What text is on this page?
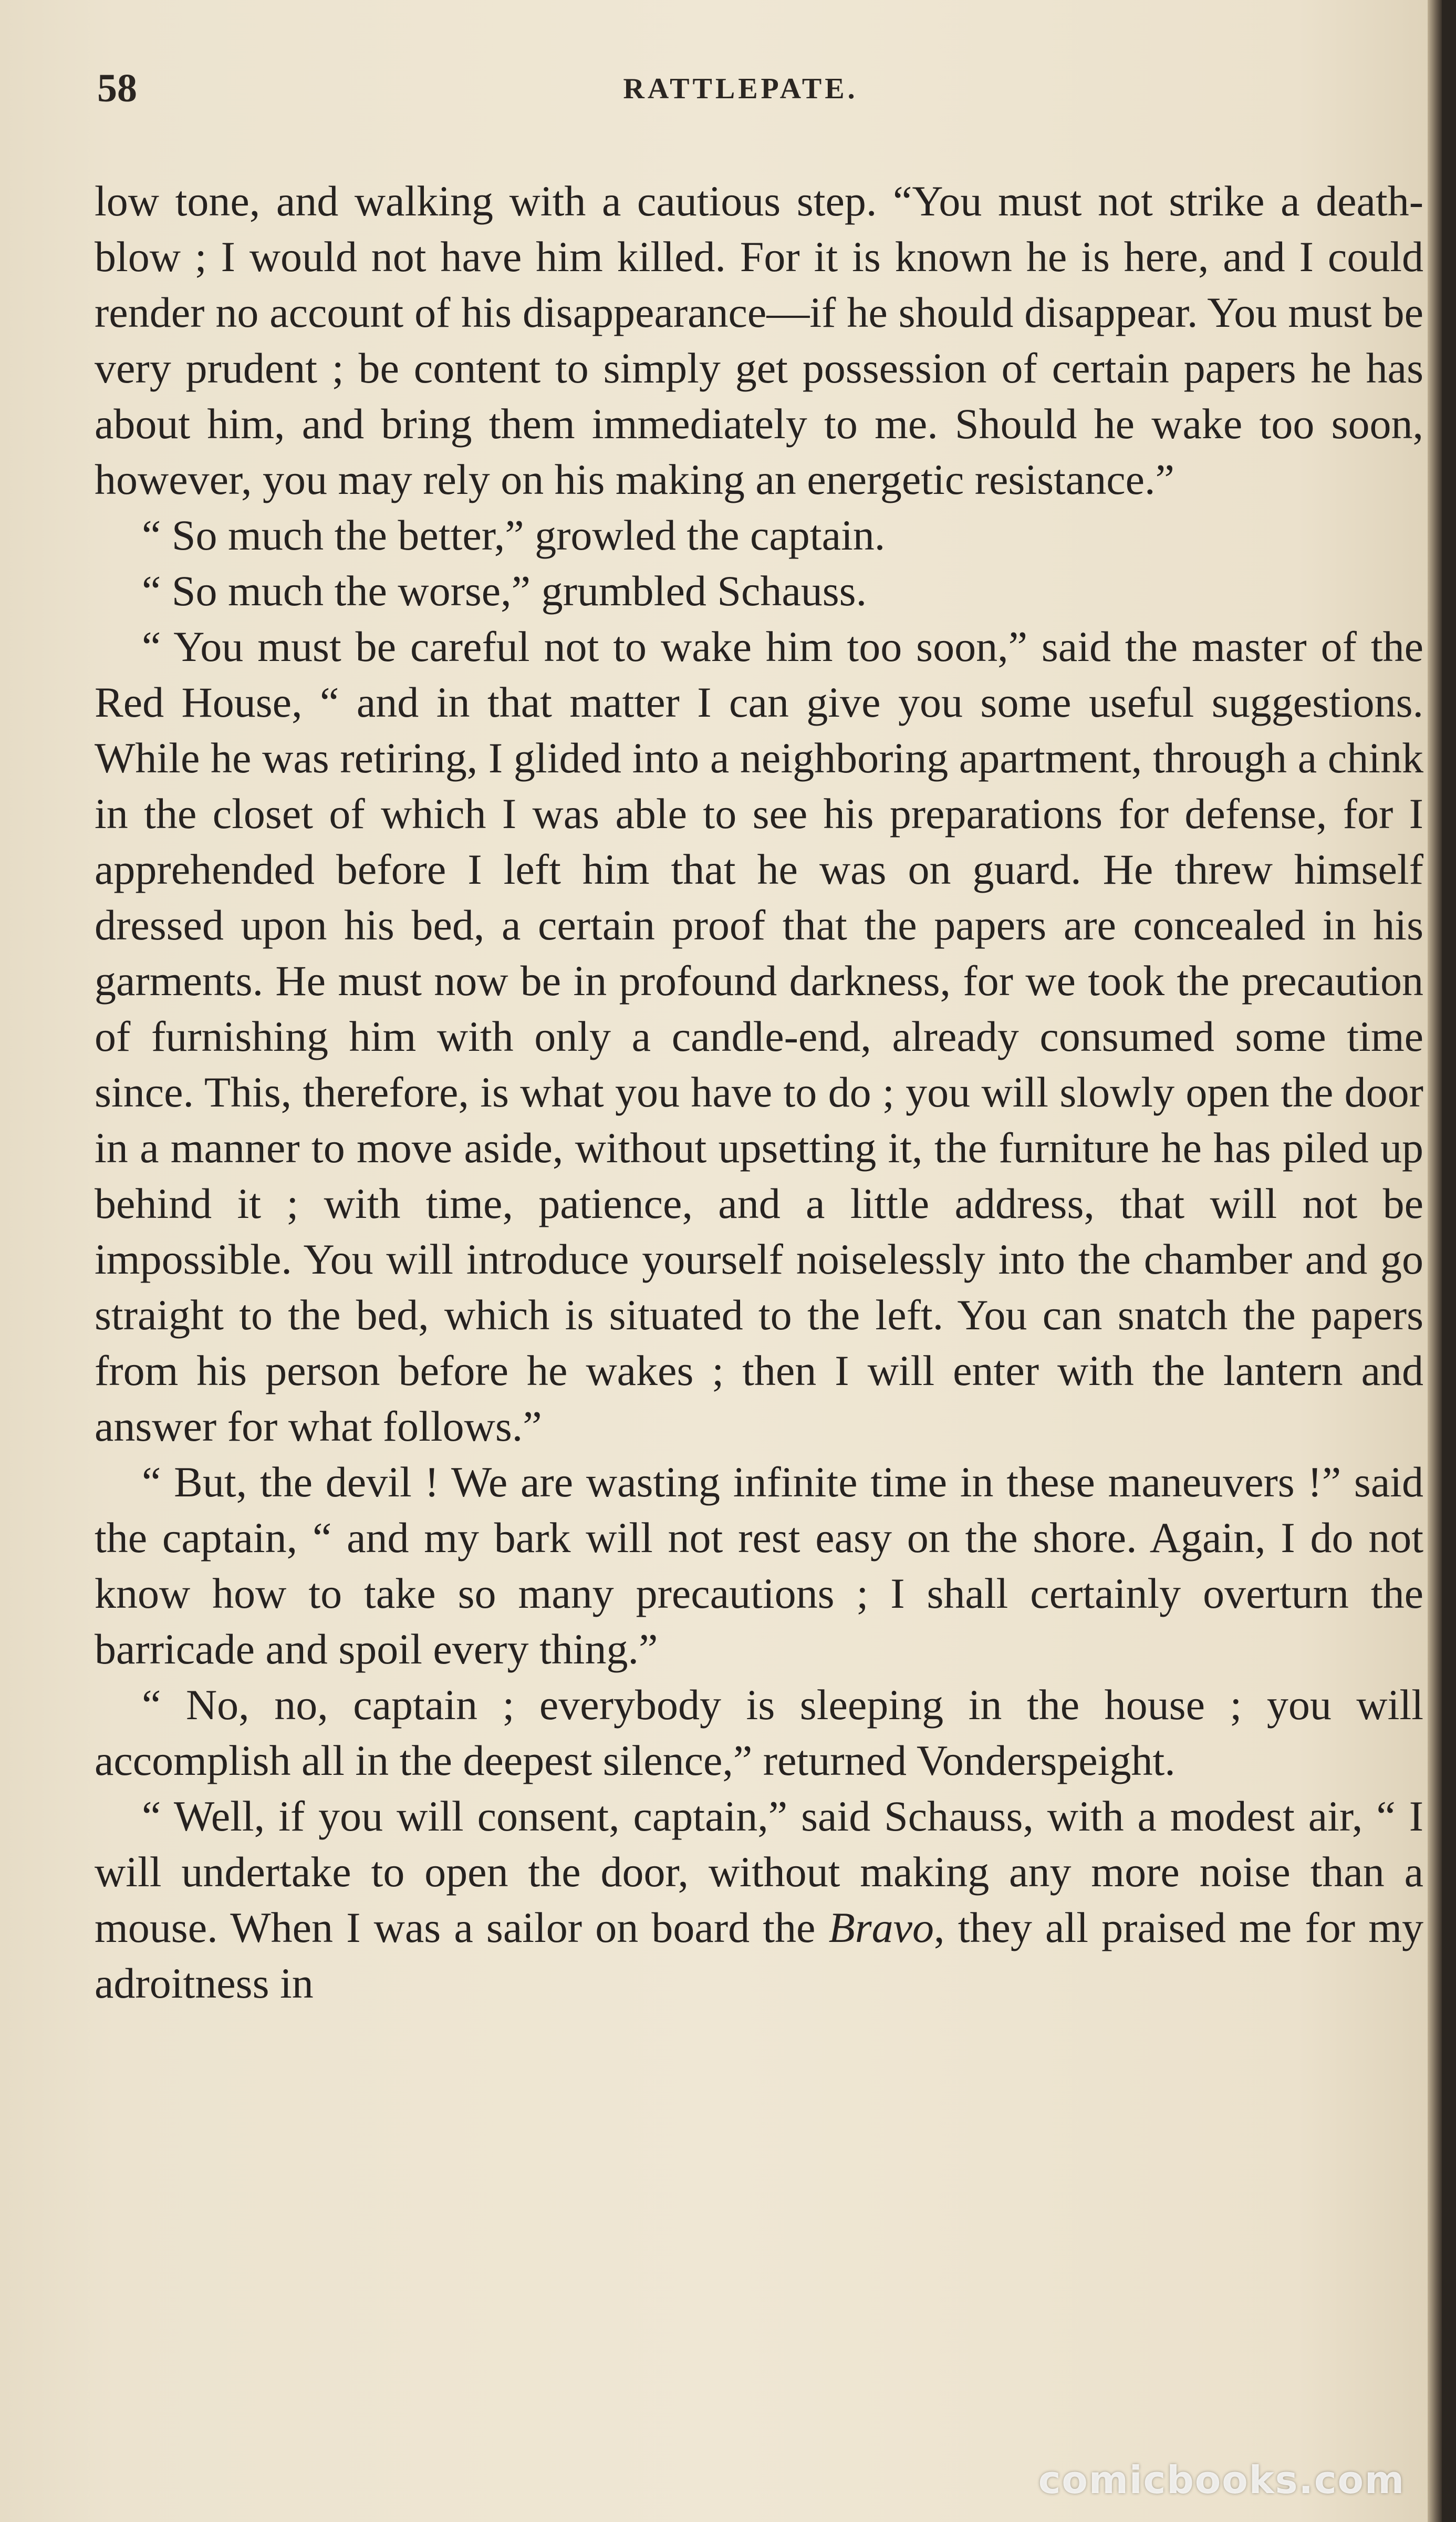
58	RATTLEPATE.

low tone, and walking with a cautious step. “You must not strike a death-blow ; I would not have him killed. For it is known he is here, and I could render no account of his disappearance—if he should disappear. You must be very prudent ; be content to simply get possession of certain papers he has about him, and bring them immediately to me. Should he wake too soon, however, you may rely on his making an energetic resistance.”

“ So much the better,” growled the captain.

“ So much the worse,” grumbled Schauss.

“ You must be careful not to wake him too soon,” said the master of the Red House, “ and in that matter I can give you some useful suggestions. While he was retiring, I glided into a neighboring apartment, through a chink in the closet of which I was able to see his preparations for defense, for I apprehended before I left him that he was on guard. He threw himself dressed upon his bed, a certain proof that the papers are concealed in his garments. He must now be in profound darkness, for we took the precaution of furnishing him with only a candle-end, already consumed some time since. This, therefore, is what you have to do ; you will slowly open the door in a manner to move aside, without upsetting it, the furniture he has piled up behind it ; with time, patience, and a little address, that will not be impossible. You will introduce yourself noiselessly into the chamber and go straight to the bed, which is situated to the left. You can snatch the papers from his person before he wakes ; then I will enter with the lantern and answer for what follows.”

“ But, the devil ! We are wasting infinite time in these maneuvers !” said the captain, “ and my bark will not rest easy on the shore. Again, I do not know how to take so many precautions ; I shall certainly overturn the barricade and spoil every thing.”

“ No, no, captain ; everybody is sleeping in the house ; you will accomplish all in the deepest silence,” returned Vonderspeight.

“ Well, if you will consent, captain,” said Schauss, with a modest air, “ I will undertake to open the door, without making any more noise than a mouse. When I was a sailor on board the Bravo, they all praised me for my adroitness in

comicbooks.com
